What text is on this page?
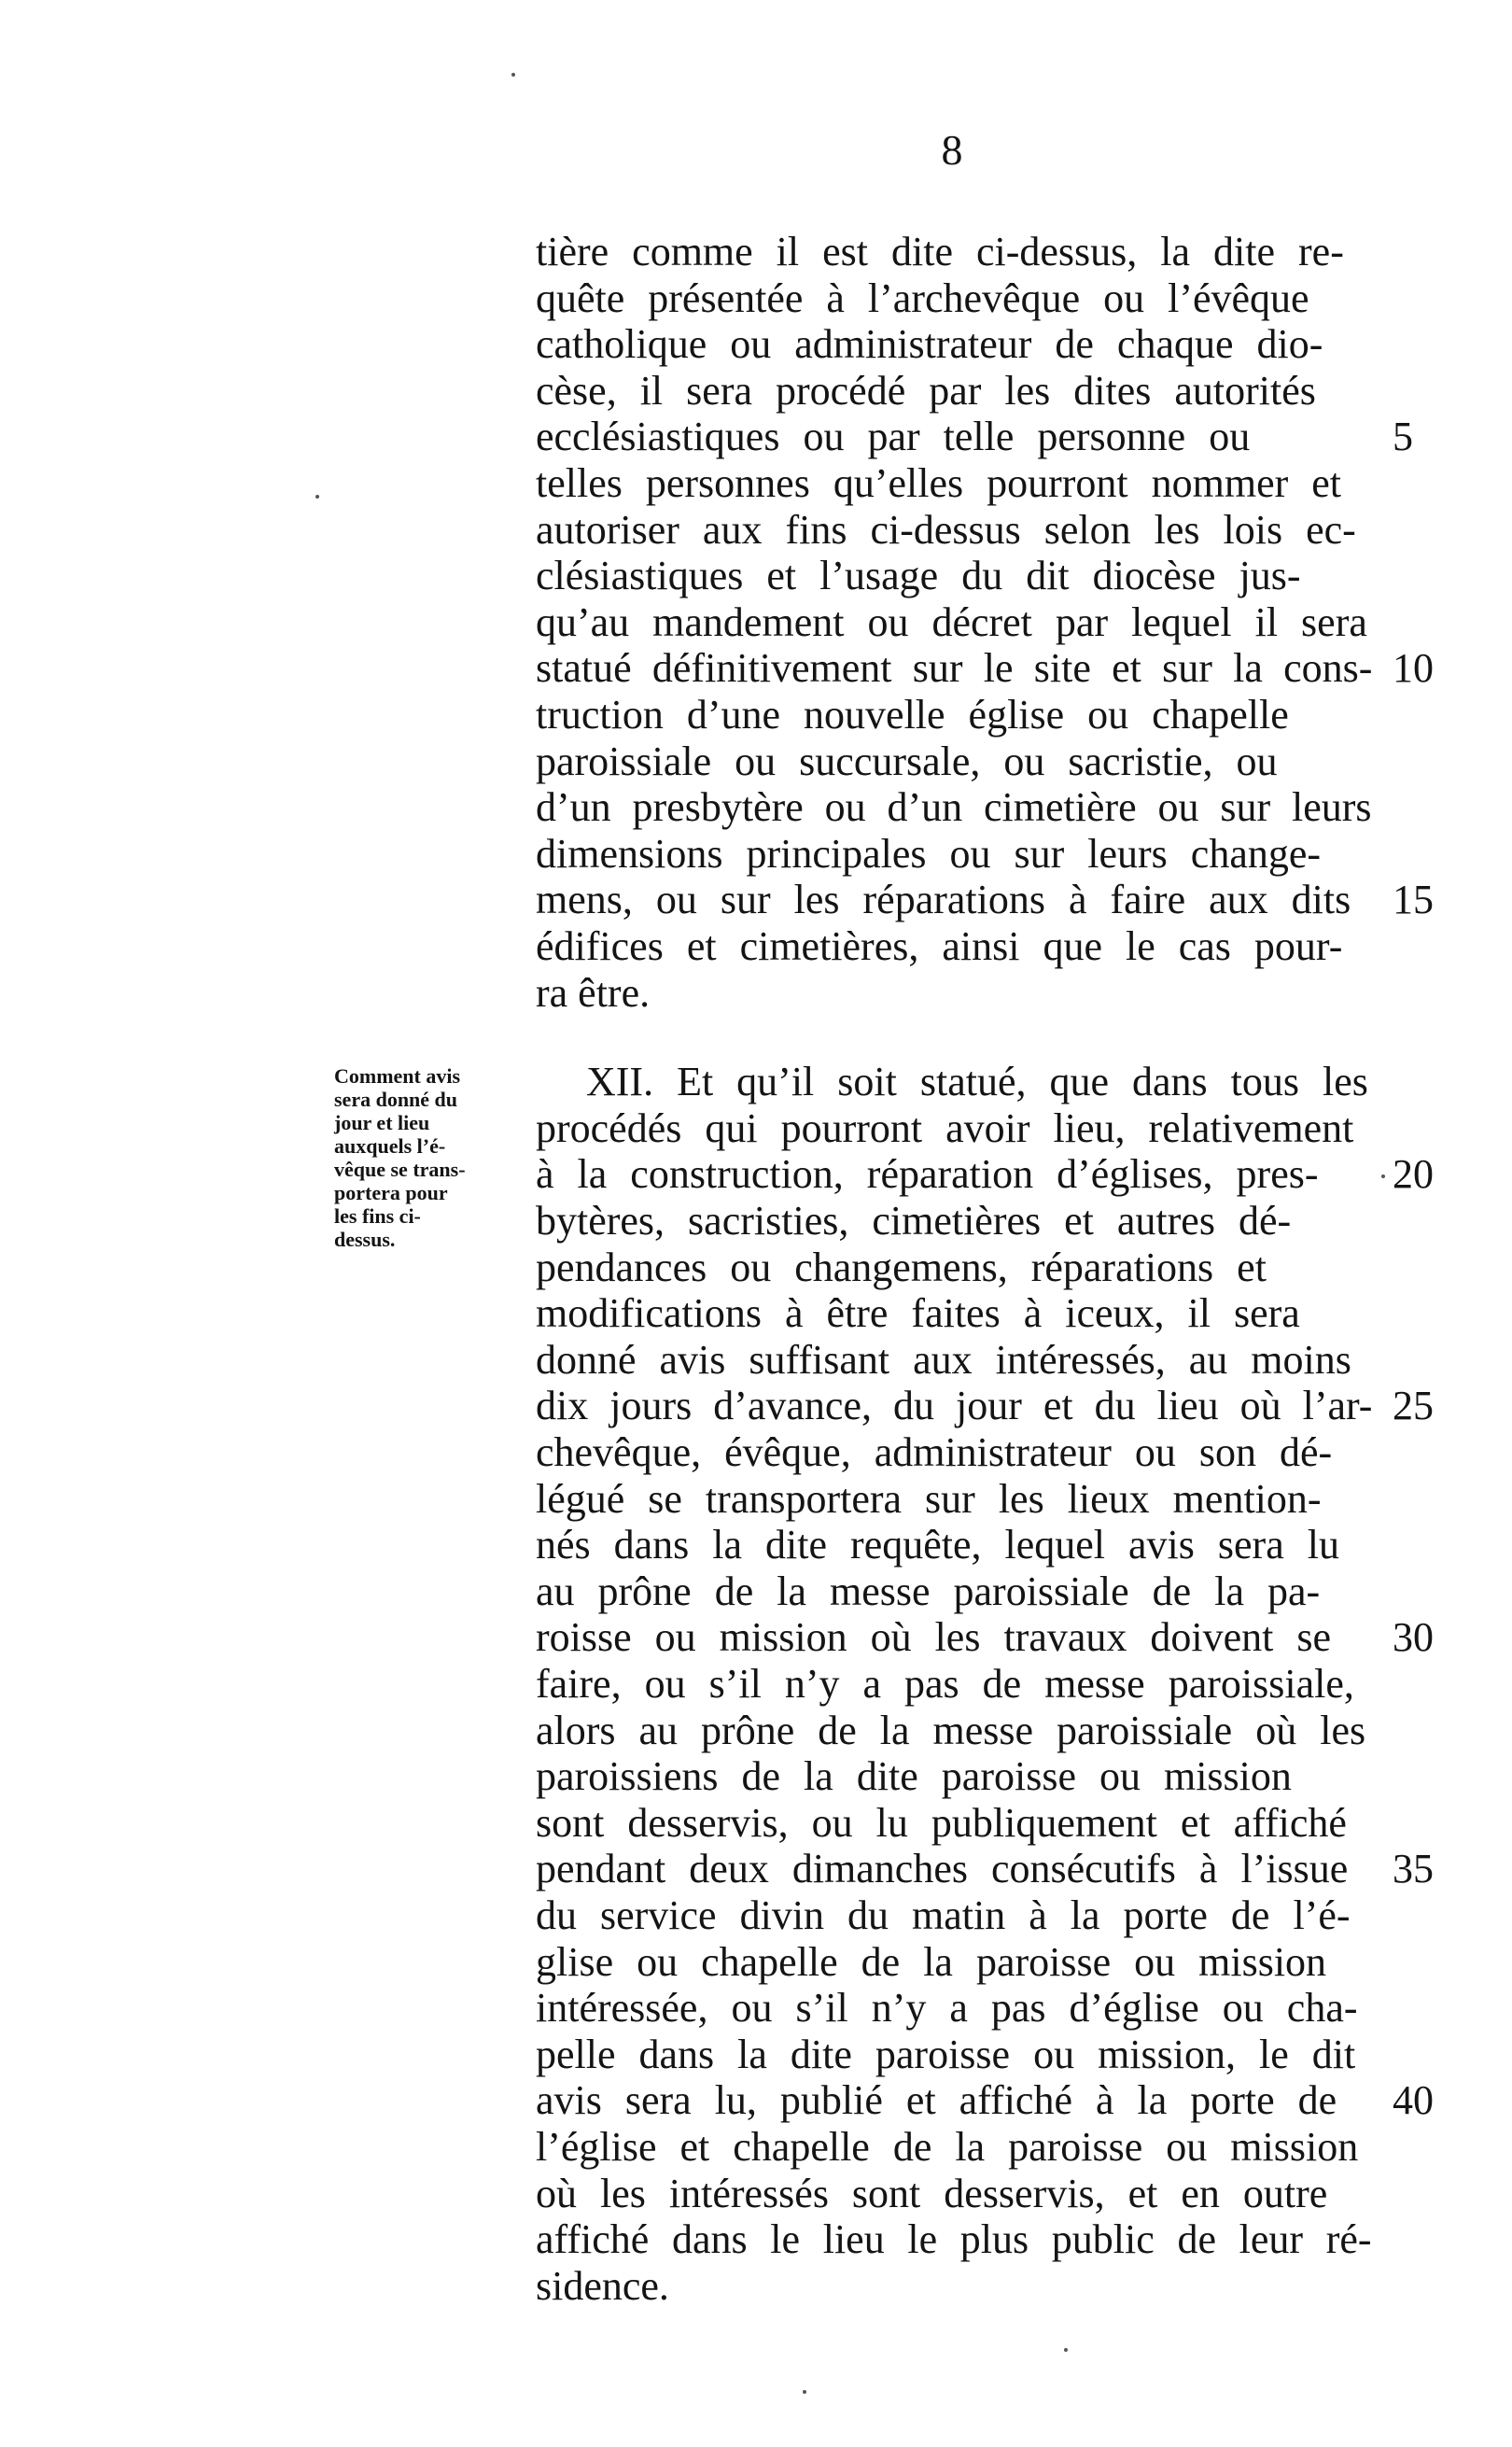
8
tière comme il est dite ci-dessus, la dite re-
quête présentée à l’archevêque ou l’évêque
catholique ou administrateur de chaque dio-
cèse, il sera procédé par les dites autorités
ecclésiastiques ou par telle personne ou
telles personnes qu’elles pourront nommer et
autoriser aux fins ci-dessus selon les lois ec-
clésiastiques et l’usage du dit diocèse jus-
qu’au mandement ou décret par lequel il sera
statué définitivement sur le site et sur la cons-
truction d’une nouvelle église ou chapelle
paroissiale ou succursale, ou sacristie, ou
d’un presbytère ou d’un cimetière ou sur leurs
dimensions principales ou sur leurs change-
mens, ou sur les réparations à faire aux dits
édifices et cimetières, ainsi que le cas pour-
ra être.
XII. Et qu’il soit statué, que dans tous les
procédés qui pourront avoir lieu, relativement
à la construction, réparation d’églises, pres-
bytères, sacristies, cimetières et autres dé-
pendances ou changemens, réparations et
modifications à être faites à iceux, il sera
donné avis suffisant aux intéressés, au moins
dix jours d’avance, du jour et du lieu où l’ar-
chevêque, évêque, administrateur ou son dé-
légué se transportera sur les lieux mention-
nés dans la dite requête, lequel avis sera lu
au prône de la messe paroissiale de la pa-
roisse ou mission où les travaux doivent se
faire, ou s’il n’y a pas de messe paroissiale,
alors au prône de la messe paroissiale où les
paroissiens de la dite paroisse ou mission
sont desservis, ou lu publiquement et affiché
pendant deux dimanches consécutifs à l’issue
du service divin du matin à la porte de l’é-
glise ou chapelle de la paroisse ou mission
intéressée, ou s’il n’y a pas d’église ou cha-
pelle dans la dite paroisse ou mission, le dit
avis sera lu, publié et affiché à la porte de
l’église et chapelle de la paroisse ou mission
où les intéressés sont desservis, et en outre
affiché dans le lieu le plus public de leur ré-
sidence.
5
10
15
20
25
30
35
40
Comment avis
sera donné du
jour et lieu
auxquels l’é-
vêque se trans-
portera pour
les fins ci-
dessus.
